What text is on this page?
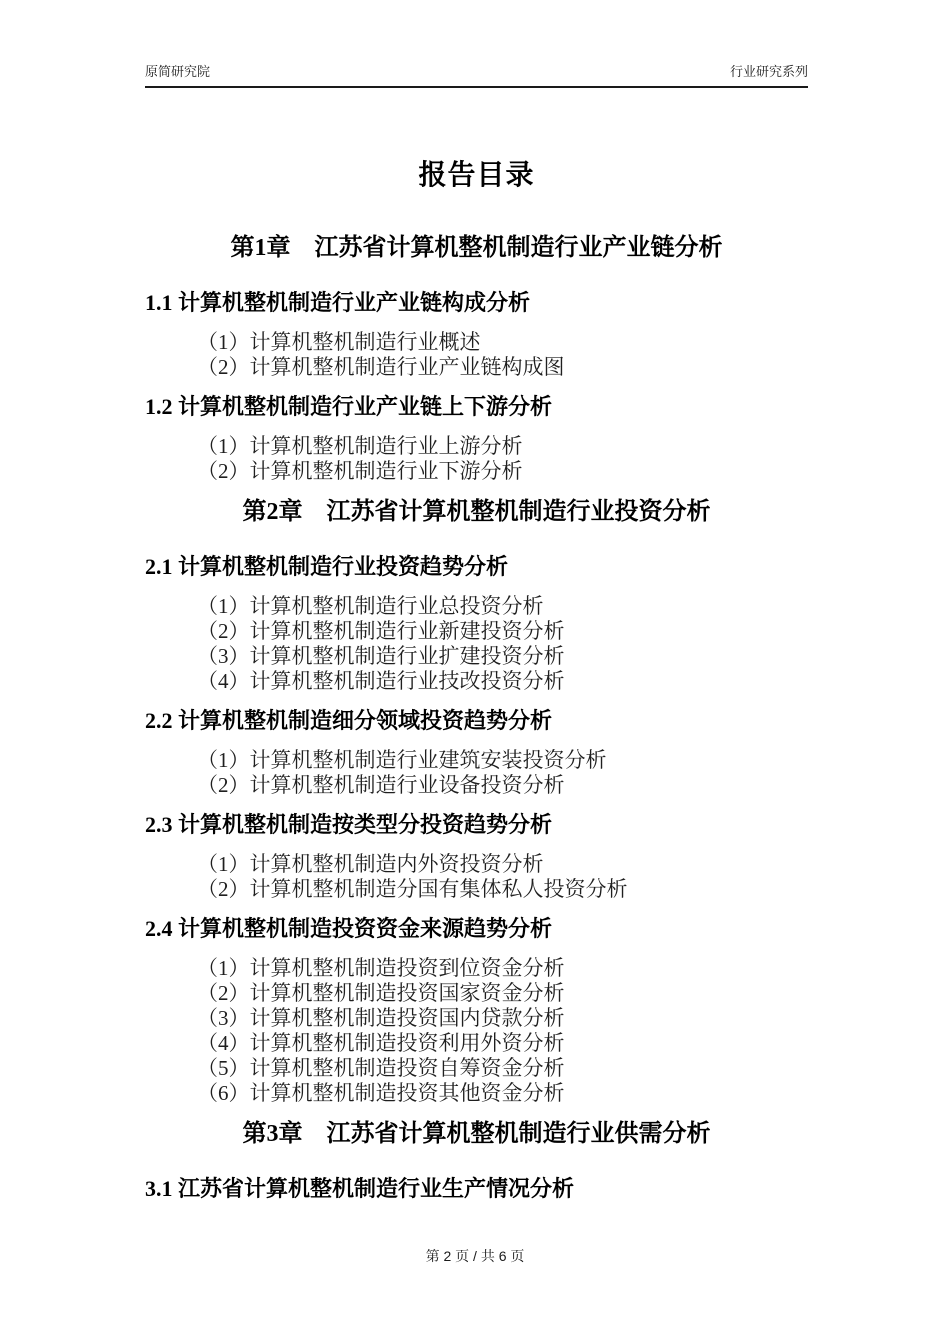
原简研究院	行业研究系列
报告目录
第1章　江苏省计算机整机制造行业产业链分析
1.1 计算机整机制造行业产业链构成分析

（1）计算机整机制造行业概述

（2）计算机整机制造行业产业链构成图

1.2 计算机整机制造行业产业链上下游分析

（1）计算机整机制造行业上游分析

（2）计算机整机制造行业下游分析

第2章　江苏省计算机整机制造行业投资分析
2.1 计算机整机制造行业投资趋势分析

（1）计算机整机制造行业总投资分析

（2）计算机整机制造行业新建投资分析

（3）计算机整机制造行业扩建投资分析

（4）计算机整机制造行业技改投资分析

2.2 计算机整机制造细分领域投资趋势分析

（1）计算机整机制造行业建筑安装投资分析

（2）计算机整机制造行业设备投资分析

2.3 计算机整机制造按类型分投资趋势分析

（1）计算机整机制造内外资投资分析

（2）计算机整机制造分国有集体私人投资分析

2.4 计算机整机制造投资资金来源趋势分析

（1）计算机整机制造投资到位资金分析

（2）计算机整机制造投资国家资金分析

（3）计算机整机制造投资国内贷款分析

（4）计算机整机制造投资利用外资分析

（5）计算机整机制造投资自筹资金分析

（6）计算机整机制造投资其他资金分析

第3章　江苏省计算机整机制造行业供需分析
3.1 江苏省计算机整机制造行业生产情况分析
第 2 页 / 共 6 页
